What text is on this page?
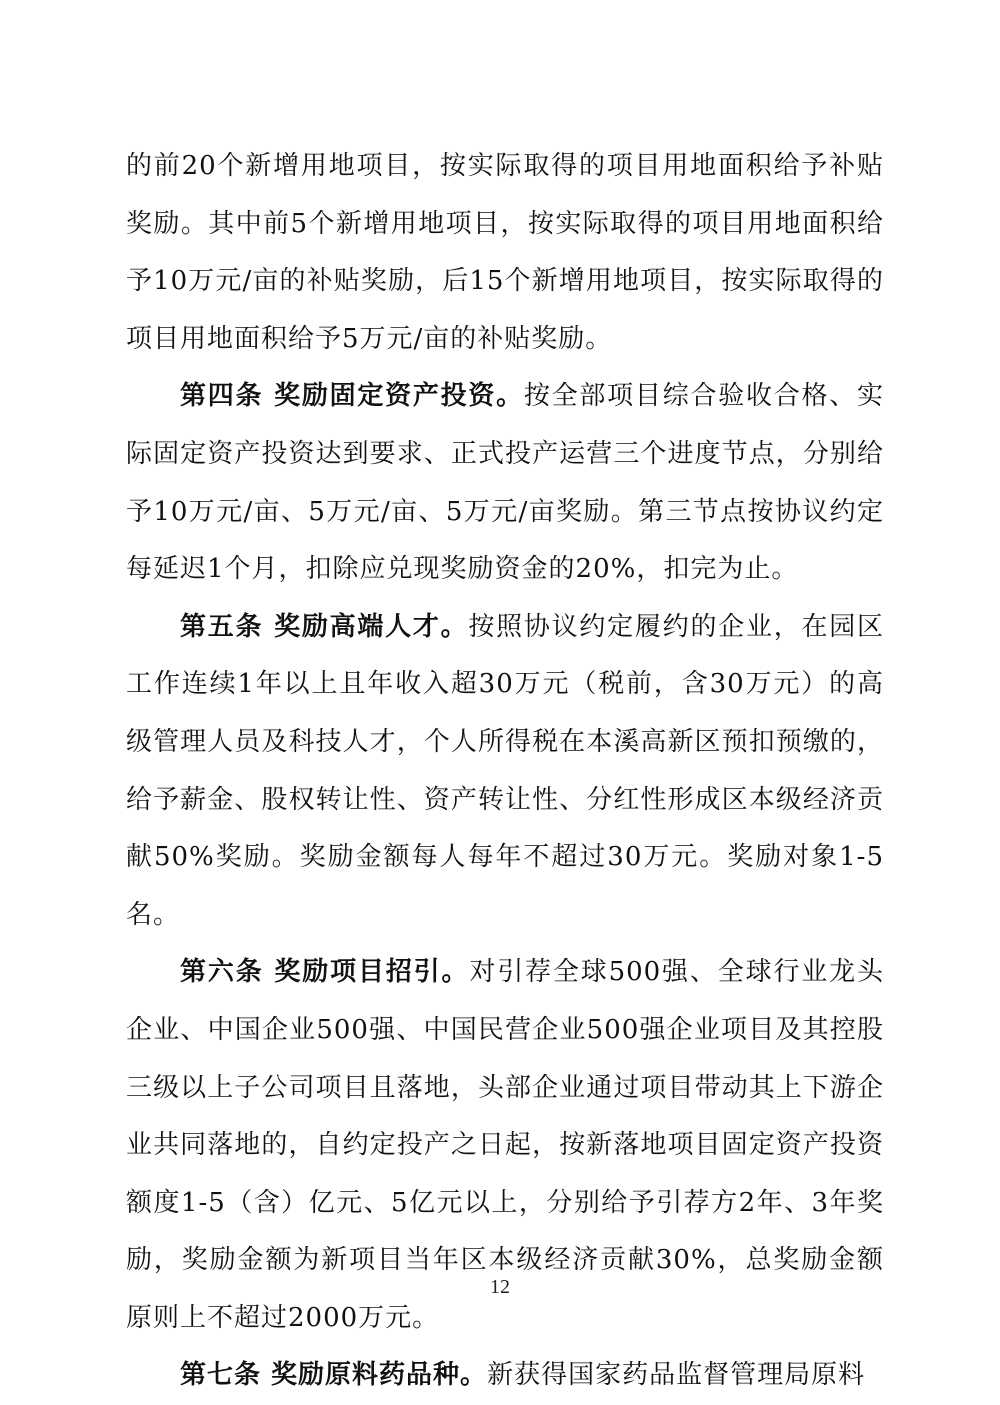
的前20个新增用地项目，按实际取得的项目用地面积给予补贴奖励。其中前5个新增用地项目，按实际取得的项目用地面积给予10万元/亩的补贴奖励，后15个新增用地项目，按实际取得的项目用地面积给予5万元/亩的补贴奖励。

第四条 奖励固定资产投资。按全部项目综合验收合格、实际固定资产投资达到要求、正式投产运营三个进度节点，分别给予10万元/亩、5万元/亩、5万元/亩奖励。第三节点按协议约定每延迟1个月，扣除应兑现奖励资金的20%，扣完为止。

第五条 奖励高端人才。按照协议约定履约的企业，在园区工作连续1年以上且年收入超30万元（税前，含30万元）的高级管理人员及科技人才，个人所得税在本溪高新区预扣预缴的，给予薪金、股权转让性、资产转让性、分红性形成区本级经济贡献50%奖励。奖励金额每人每年不超过30万元。奖励对象1-5名。

第六条 奖励项目招引。对引荐全球500强、全球行业龙头企业、中国企业500强、中国民营企业500强企业项目及其控股三级以上子公司项目且落地，头部企业通过项目带动其上下游企业共同落地的，自约定投产之日起，按新落地项目固定资产投资额度1-5（含）亿元、5亿元以上，分别给予引荐方2年、3年奖励，奖励金额为新项目当年区本级经济贡献30%，总奖励金额原则上不超过2000万元。

第七条 奖励原料药品种。新获得国家药品监督管理局原料

12
